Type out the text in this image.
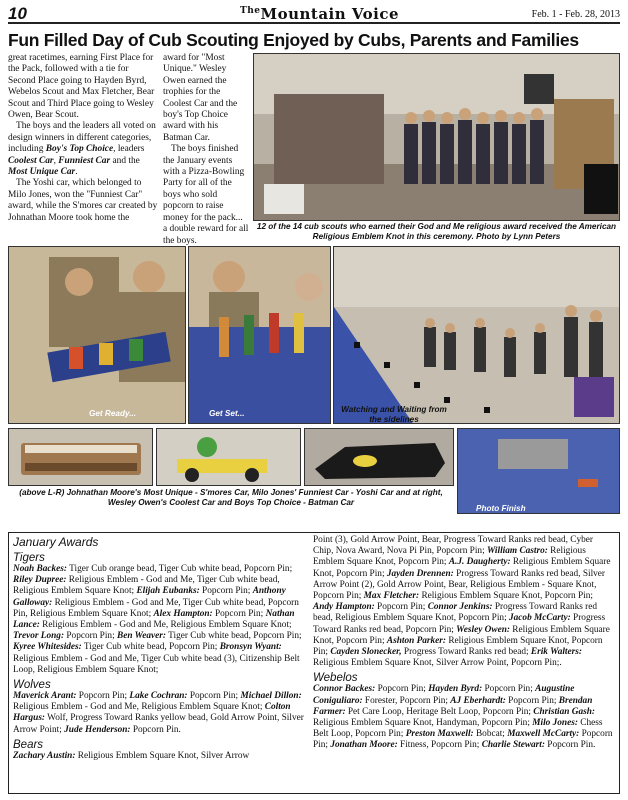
10	$^{The}$Mountain Voice	Feb. 1 - Feb. 28, 2013
Fun Filled Day of Cub Scouting Enjoyed by Cubs, Parents and Families

great racetimes, earning First Place for the Pack, followed with a tie for Second Place going to Hayden Byrd, Webelos Scout and Max Fletcher, Bear Scout and Third Place going to Wesley Owen, Bear Scout.

The boys and the leaders all voted on design winners in different categories, including Boy's Top Choice, leaders Coolest Car, Funniest Car and the Most Unique Car.

The Yoshi car, which belonged to Milo Jones, won the "Funniest Car" award, while the S'mores car created by Johnathan Moore took home the

award for "Most Unique." Wesley Owen earned the trophies for the Coolest Car and the boy's Top Choice award with his Batman Car.

The boys finished the January events with a Pizza-Bowling Party for all of the boys who sold popcorn to raise money for the pack... a double reward for all the boys.

12 of the 14 cub scouts who earned their God and Me religious award received the American Religious Emblem Knot in this ceremony. Photo by Lynn Peters
Get Ready...	Get Set...	Watching and Waiting from the sidelines
Photo Finish
(above L-R) Johnathan Moore's Most Unique - S'mores Car, Milo Jones' Funniest Car - Yoshi Car and at right, Wesley Owen's Coolest Car and Boys Top Choice - Batman Car
January Awards
Tigers
Noah Backes: Tiger Cub orange bead, Tiger Cub white bead, Popcorn Pin; Riley Dupree: Religious Emblem - God and Me, Tiger Cub white bead, Religious Emblem Square Knot; Elijah Eubanks: Popcorn Pin; Anthony Galloway: Religious Emblem - God and Me, Tiger Cub white bead, Popcorn Pin, Religious Emblem Square Knot; Alex Hampton: Popcorn Pin; Nathan Lance: Religious Emblem - God and Me, Religious Emblem Square Knot; Trevor Long: Popcorn Pin; Ben Weaver: Tiger Cub white bead, Popcorn Pin; Kyree Whitesides: Tiger Cub white bead, Popcorn Pin; Bronsyn Wyant: Religious Emblem - God and Me, Tiger Cub white bead (3), Citizenship Belt Loop, Religious Emblem Square Knot;
Wolves
Maverick Arant: Popcorn Pin; Lake Cochran: Popcorn Pin; Michael Dillon: Religious Emblem - God and Me, Religious Emblem Square Knot; Colton Hargus: Wolf, Progress Toward Ranks yellow bead, Gold Arrow Point, Silver Arrow Point; Jude Henderson: Popcorn Pin.
Bears
Zachary Austin: Religious Emblem Square Knot, Silver Arrow
Point (3), Gold Arrow Point, Bear, Progress Toward Ranks red bead, Cyber Chip, Nova Award, Nova Pi Pin, Popcorn Pin; William Castro: Religious Emblem Square Knot, Popcorn Pin; A.J. Daugherty: Religious Emblem Square Knot, Popcorn Pin; Jayden Drennen: Progress Toward Ranks red bead, Silver Arrow Point (2), Gold Arrow Point, Bear, Religious Emblem - Square Knot, Popcorn Pin; Max Fletcher: Religious Emblem Square Knot, Popcorn Pin; Andy Hampton: Popcorn Pin; Connor Jenkins: Progress Toward Ranks red bead, Religious Emblem Square Knot, Popcorn Pin; Jacob McCarty: Progress Toward Ranks red bead, Popcorn Pin; Wesley Owen: Religious Emblem Square Knot, Popcorn Pin; Ashton Parker: Religious Emblem Square Knot, Popcorn Pin; Cayden Slonecker, Progress Toward Ranks red bead; Erik Walters: Religious Emblem Square Knot, Silver Arrow Point, Popcorn Pin;.
Webelos
Connor Backes: Popcorn Pin; Hayden Byrd: Popcorn Pin; Augustine Coniguliaro: Forester, Popcorn Pin; AJ Eberhardt: Popcorn Pin; Brendan Farmer: Pet Care Loop, Heritage Belt Loop, Popcorn Pin; Christian Gash: Religious Emblem Square Knot, Handyman, Popcorn Pin; Milo Jones: Chess Belt Loop, Popcorn Pin; Preston Maxwell: Bobcat; Maxwell McCarty: Popcorn Pin; Jonathan Moore: Fitness, Popcorn Pin; Charlie Stewart: Popcorn Pin.
